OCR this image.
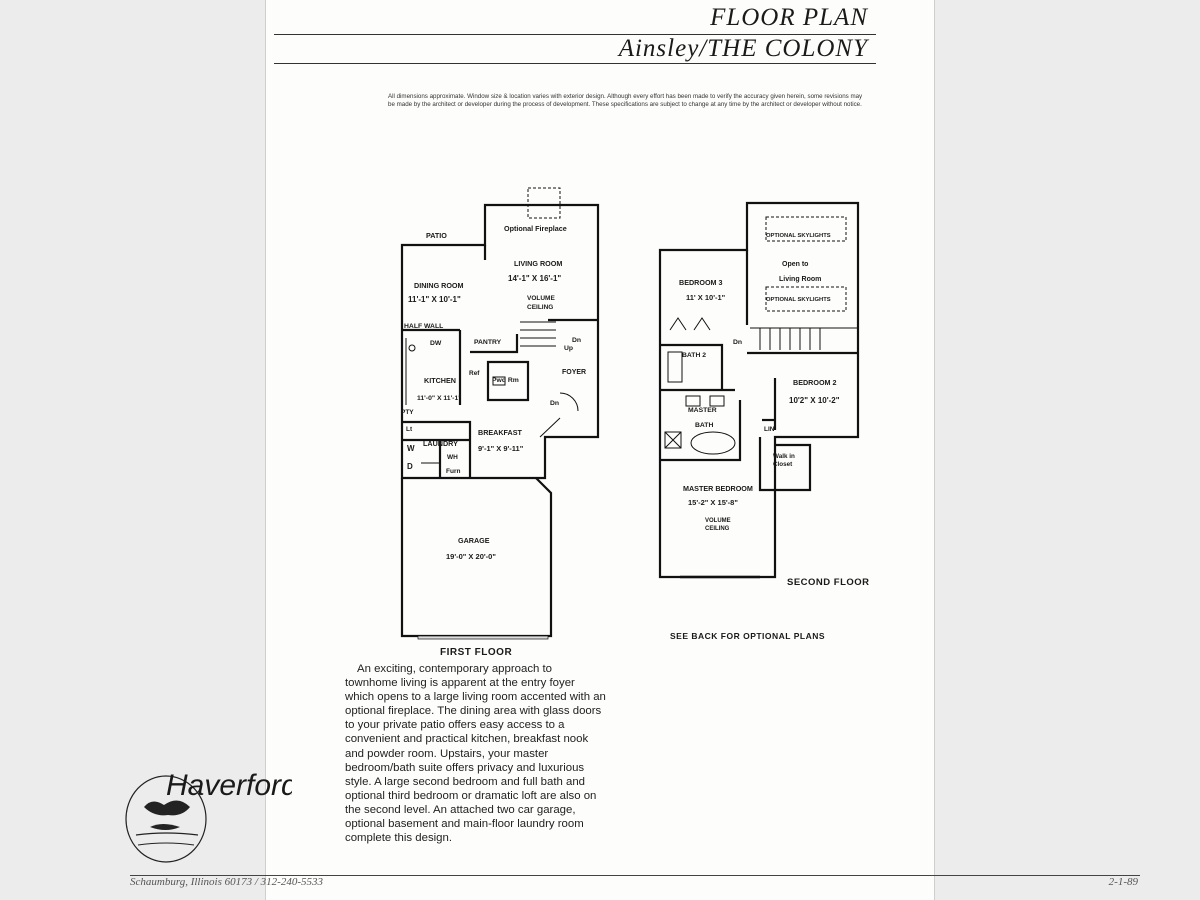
FLOOR PLAN
Ainsley/THE COLONY
All dimensions approximate. Window size & location varies with exterior design. Although every effort has been made to verify the accuracy given herein, some revisions may be made by the architect or developer during the process of development. These specifications are subject to change at any time by the architect or developer without notice.
PATIO
Optional Fireplace
LIVING ROOM
14'-1" X 16'-1"
VOLUME
CEILING
DINING ROOM
11'-1" X 10'-1"
HALF WALL
DW	PANTRY	Dn
Up
Ref
Pwd Rm
FOYER
Dn
KITCHEN
11'-0" X 11'-1"
PTY
Lt
LAUNDRY
W
D
WH
Furn
BREAKFAST
9'-1" X 9'-11"
GARAGE
19'-0" X 20'-0"
OPTIONAL SKYLIGHTS
Open to
Living Room
OPTIONAL SKYLIGHTS
BEDROOM 3
11' X 10'-1"
Dn
BATH 2
BEDROOM 2
10'2" X 10'-2"
MASTER
BATH
LIN
Walk in
Closet
MASTER BEDROOM
15'-2" X 15'-8"
VOLUME
CEILING
FIRST FLOOR
SECOND FLOOR
SEE BACK FOR OPTIONAL PLANS
An exciting, contemporary approach to townhome living is apparent at the entry foyer which opens to a large living room accented with an optional fireplace. The dining area with glass doors to your private patio offers easy access to a convenient and practical kitchen, breakfast nook and powder room. Upstairs, your master bedroom/bath suite offers privacy and luxurious style. A large second bedroom and full bath and optional third bedroom or dramatic loft are also on the second level. An attached two car garage, optional basement and main-floor laundry room complete this design.
Haverford
Schaumburg, Illinois 60173 / 312-240-5533	2-1-89
